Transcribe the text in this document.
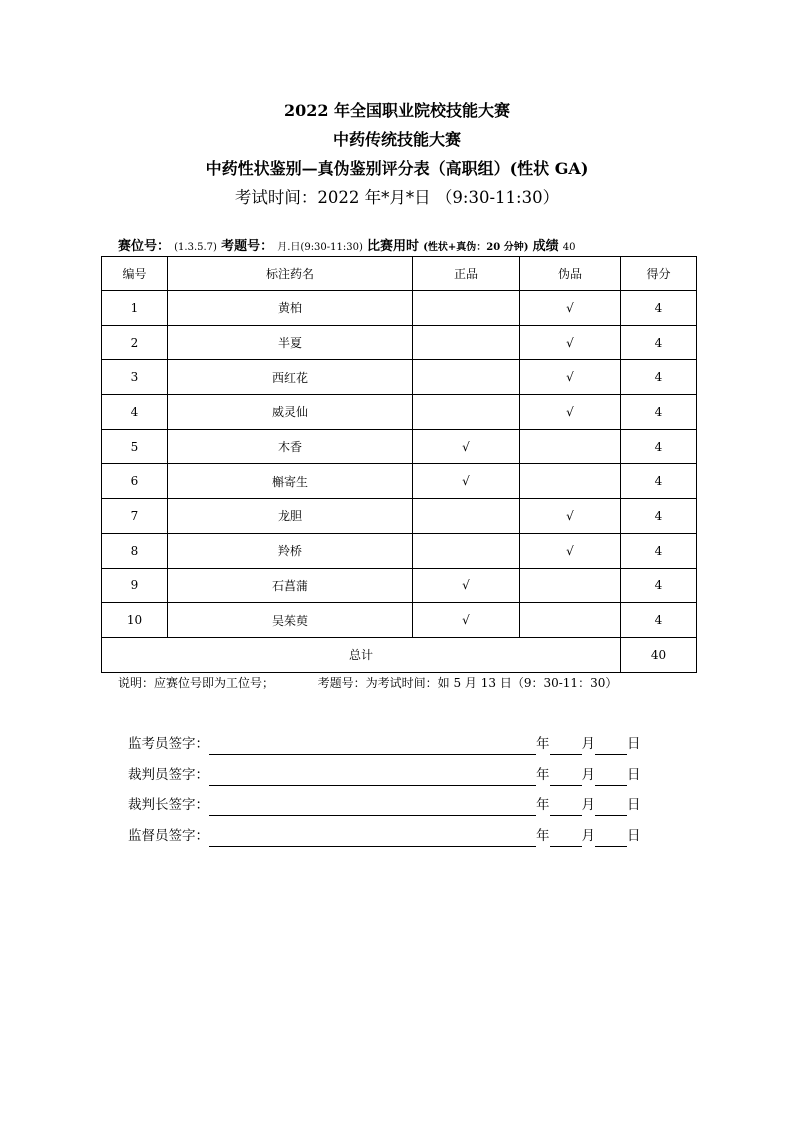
2022 年全国职业院校技能大赛
中药传统技能大赛
中药性状鉴别—真伪鉴别评分表（高职组）(性状 GA)
考试时间：2022 年*月*日 （9:30-11:30）
赛位号： (1.3.5.7) 考题号： 月.日(9:30-11:30) 比赛用时 (性状+真伪：20 分钟) 成绩 40
编号	标注药名	正品	伪品	得分
1	黄柏		√	4
2	半夏		√	4
3	西红花		√	4
4	威灵仙		√	4
5	木香	√		4
6	槲寄生	√		4
7	龙胆		√	4
8	羚桥		√	4
9	石菖蒲	√		4
10	吴茱萸	√		4
总计				40
说明：应赛位号即为工位号；	考题号：为考试时间：如 5 月 13 日（9：30-11：30）
监考员签字：	年 月 日
裁判员签字：	年 月 日
裁判长签字：	年 月 日
监督员签字：	年 月 日
